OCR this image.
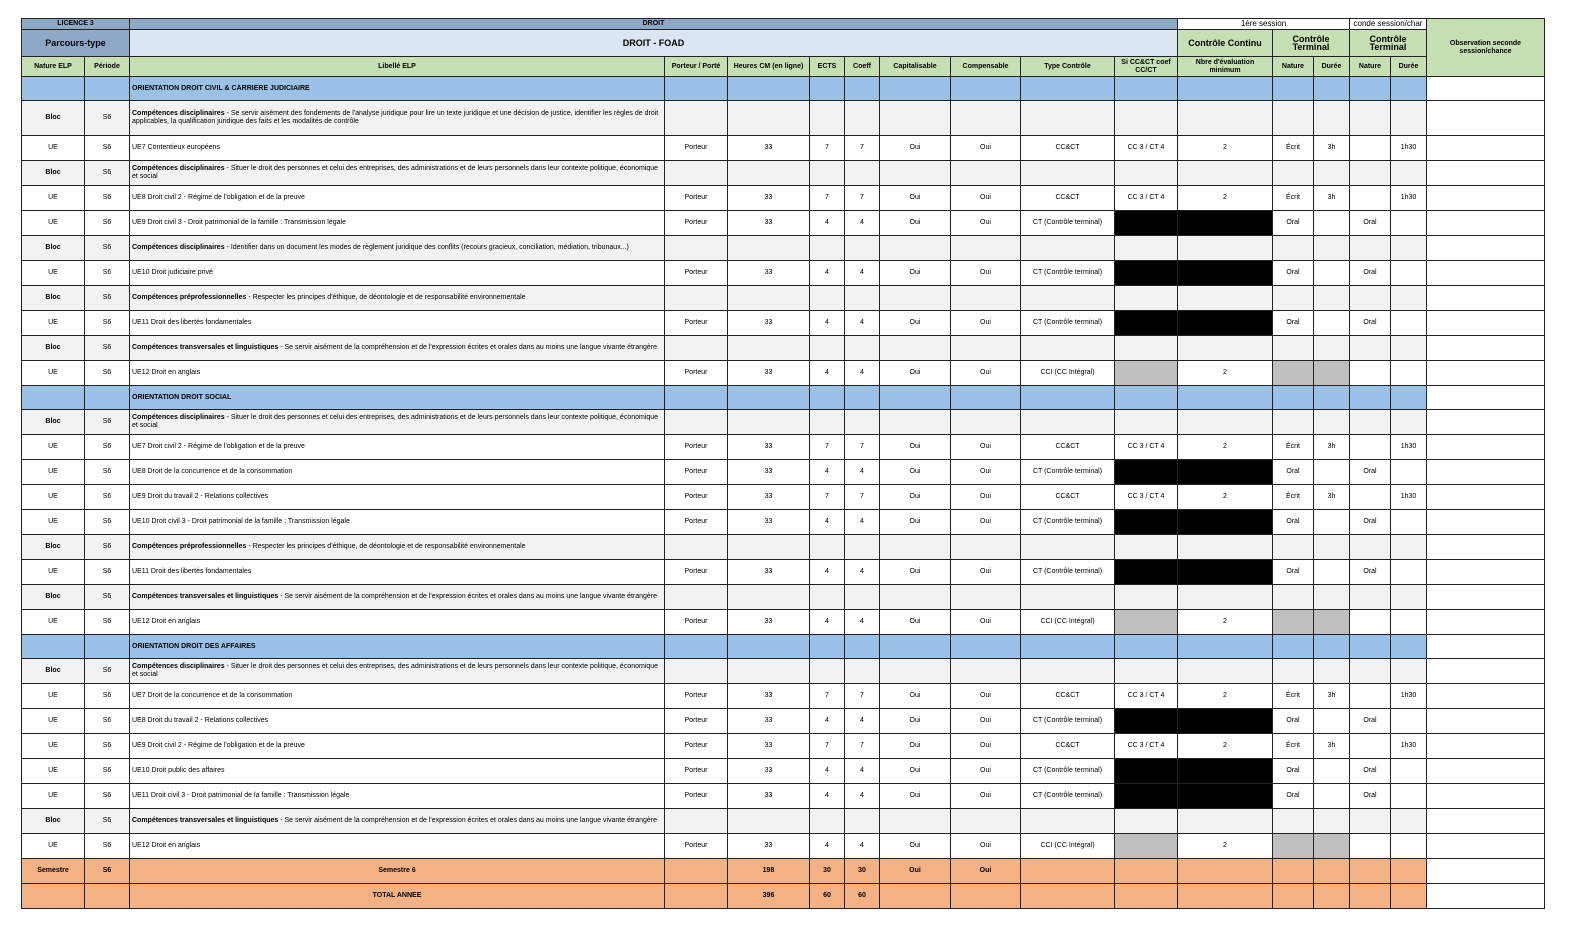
LICENCE 3		DROIT									1ère session			conde session/char		Observation seconde session/chance
Parcours-type		DROIT - FOAD									Contrôle Continu	Contrôle Terminal		Contrôle Terminal		
Nature ELP	Période	Libellé ELP	Porteur / Porté	Heures CM (en ligne)	ECTS	Coeff	Capitalisable	Compensable	Type Contrôle	Si CC&CT coef CC/CT	Nbre d'évaluation minimum	Nature	Durée	Nature	Durée	
		ORIENTATION DROIT CIVIL & CARRIERE JUDICIAIRE														
Bloc	S6	Compétences disciplinaires - Se servir aisément des fondements de l'analyse juridique pour lire un texte juridique et une décision de justice, identifier les règles de droit applicables, la qualification juridique des faits et les modalités de contrôle														
UE	S6	UE7 Contentieux européens	Porteur	33	7	7	Oui	Oui	CC&CT	CC 3 / CT 4	2	Écrit	3h		1h30	
Bloc	S6	Compétences disciplinaires - Situer le droit des personnes et celui des entreprises, des administrations et de leurs personnels dans leur contexte politique, économique et social														
UE	S6	UE8 Droit civil 2 - Régime de l'obligation et de la preuve	Porteur	33	7	7	Oui	Oui	CC&CT	CC 3 / CT 4	2	Écrit	3h		1h30	
UE	S6	UE9 Droit civil 3 - Droit patrimonial de la famille : Transmission légale	Porteur	33	4	4	Oui	Oui	CT (Contrôle terminal)			Oral		Oral		
Bloc	S6	Compétences disciplinaires - Identifier dans un document les modes de règlement juridique des conflits (recours gracieux, conciliation, médiation, tribunaux...)														
UE	S6	UE10 Droit judiciaire privé	Porteur	33	4	4	Oui	Oui	CT (Contrôle terminal)			Oral		Oral		
Bloc	S6	Compétences préprofessionnelles - Respecter les principes d'éthique, de déontologie et de responsabilité environnementale														
UE	S6	UE11 Droit des libertés fondamentales	Porteur	33	4	4	Oui	Oui	CT (Contrôle terminal)			Oral		Oral		
Bloc	S6	Compétences transversales et linguistiques - Se servir aisément de la compréhension et de l'expression écrites et orales dans au moins une langue vivante étrangère														
UE	S6	UE12 Droit en anglais	Porteur	33	4	4	Oui	Oui	CCI (CC Intégral)		2					
		ORIENTATION DROIT SOCIAL														
Bloc	S6	Compétences disciplinaires - Situer le droit des personnes et celui des entreprises, des administrations et de leurs personnels dans leur contexte politique, économique et social														
UE	S6	UE7 Droit civil 2 - Régime de l'obligation et de la preuve	Porteur	33	7	7	Oui	Oui	CC&CT	CC 3 / CT 4	2	Écrit	3h		1h30	
UE	S6	UE8 Droit de la concurrence et de la consommation	Porteur	33	4	4	Oui	Oui	CT (Contrôle terminal)			Oral		Oral		
UE	S6	UE9 Droit du travail 2 - Relations collectives	Porteur	33	7	7	Oui	Oui	CC&CT	CC 3 / CT 4	2	Écrit	3h		1h30	
UE	S6	UE10 Droit civil 3 - Droit patrimonial de la famille : Transmission légale	Porteur	33	4	4	Oui	Oui	CT (Contrôle terminal)			Oral		Oral		
Bloc	S6	Compétences préprofessionnelles - Respecter les principes d'éthique, de déontologie et de responsabilité environnementale														
UE	S6	UE11 Droit des libertés fondamentales	Porteur	33	4	4	Oui	Oui	CT (Contrôle terminal)			Oral		Oral		
Bloc	S6	Compétences transversales et linguistiques - Se servir aisément de la compréhension et de l'expression écrites et orales dans au moins une langue vivante étrangère														
UE	S6	UE12 Droit en anglais	Porteur	33	4	4	Oui	Oui	CCI (CC Intégral)		2					
		ORIENTATION DROIT DES AFFAIRES														
Bloc	S6	Compétences disciplinaires - Situer le droit des personnes et celui des entreprises, des administrations et de leurs personnels dans leur contexte politique, économique et social														
UE	S6	UE7 Droit de la concurrence et de la consommation	Porteur	33	7	7	Oui	Oui	CC&CT	CC 3 / CT 4	2	Écrit	3h		1h30	
UE	S6	UE8 Droit du travail 2 - Relations collectives	Porteur	33	4	4	Oui	Oui	CT (Contrôle terminal)			Oral		Oral		
UE	S6	UE9 Droit civil 2 - Régime de l'obligation et de la preuve	Porteur	33	7	7	Oui	Oui	CC&CT	CC 3 / CT 4	2	Écrit	3h		1h30	
UE	S6	UE10 Droit public des affaires	Porteur	33	4	4	Oui	Oui	CT (Contrôle terminal)			Oral		Oral		
UE	S6	UE11 Droit civil 3 - Droit patrimonial de la famille : Transmission légale	Porteur	33	4	4	Oui	Oui	CT (Contrôle terminal)			Oral		Oral		
Bloc	S6	Compétences transversales et linguistiques - Se servir aisément de la compréhension et de l'expression écrites et orales dans au moins une langue vivante étrangère														
UE	S6	UE12 Droit en anglais	Porteur	33	4	4	Oui	Oui	CCI (CC Intégral)		2					
Semestre	S6	Semestre 6		198	30	30	Oui	Oui								
		TOTAL ANNEE		396	60	60										
